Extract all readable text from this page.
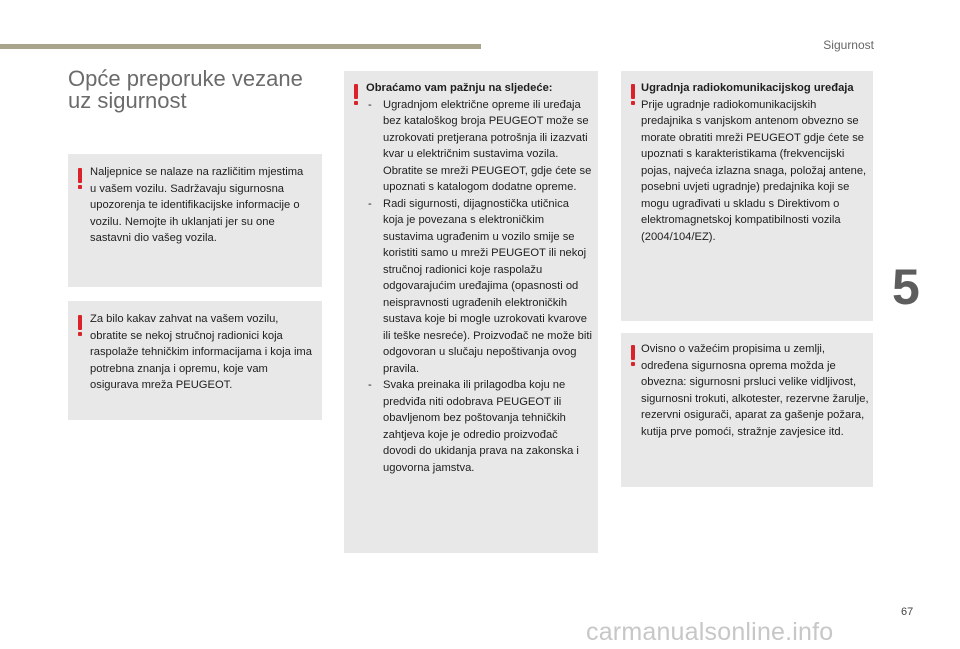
Sigurnost
5
Opće preporuke vezane
uz sigurnost

Naljepnice se nalaze na različitim mjestima u vašem vozilu. Sadržavaju sigurnosna upozorenja te identifikacijske informacije o vozilu. Nemojte ih uklanjati jer su one sastavni dio vašeg vozila.

Za bilo kakav zahvat na vašem vozilu, obratite se nekoj stručnoj radionici koja raspolaže tehničkim informacijama i koja ima potrebna znanja i opremu, koje vam osigurava mreža PEUGEOT.

Obraćamo vam pažnju na sljedeće:

- Ugradnjom električne opreme ili uređaja bez kataloškog broja PEUGEOT može se uzrokovati pretjerana potrošnja ili izazvati kvar u električnim sustavima vozila. Obratite se mreži PEUGEOT, gdje ćete se upoznati s katalogom dodatne opreme.
- Radi sigurnosti, dijagnostička utičnica koja je povezana s elektroničkim sustavima ugrađenim u vozilo smije se koristiti samo u mreži PEUGEOT ili nekoj stručnoj radionici koje raspolažu odgovarajućim uređajima (opasnosti od neispravnosti ugrađenih elektroničkih sustava koje bi mogle uzrokovati kvarove ili teške nesreće). Proizvođač ne može biti odgovoran u slučaju nepoštivanja ovog pravila.
- Svaka preinaka ili prilagodba koju ne predviđa niti odobrava PEUGEOT ili obavljenom bez poštovanja tehničkih zahtjeva koje je odredio proizvođač dovodi do ukidanja prava na zakonska i ugovorna jamstva.

Ugradnja radiokomunikacijskog uređaja

Prije ugradnje radiokomunikacijskih predajnika s vanjskom antenom obvezno se morate obratiti mreži PEUGEOT gdje ćete se upoznati s karakteristikama (frekvencijski pojas, najveća izlazna snaga, položaj antene, posebni uvjeti ugradnje) predajnika koji se mogu ugrađivati u skladu s Direktivom o elektromagnetskoj kompatibilnosti vozila (2004/104/EZ).

Ovisno o važećim propisima u zemlji, određena sigurnosna oprema možda je obvezna: sigurnosni prsluci velike vidljivost, sigurnosni trokuti, alkotester, rezervne žarulje, rezervni osigurači, aparat za gašenje požara, kutija prve pomoći, stražnje zavjesice itd.

67
carmanualsonline.info
